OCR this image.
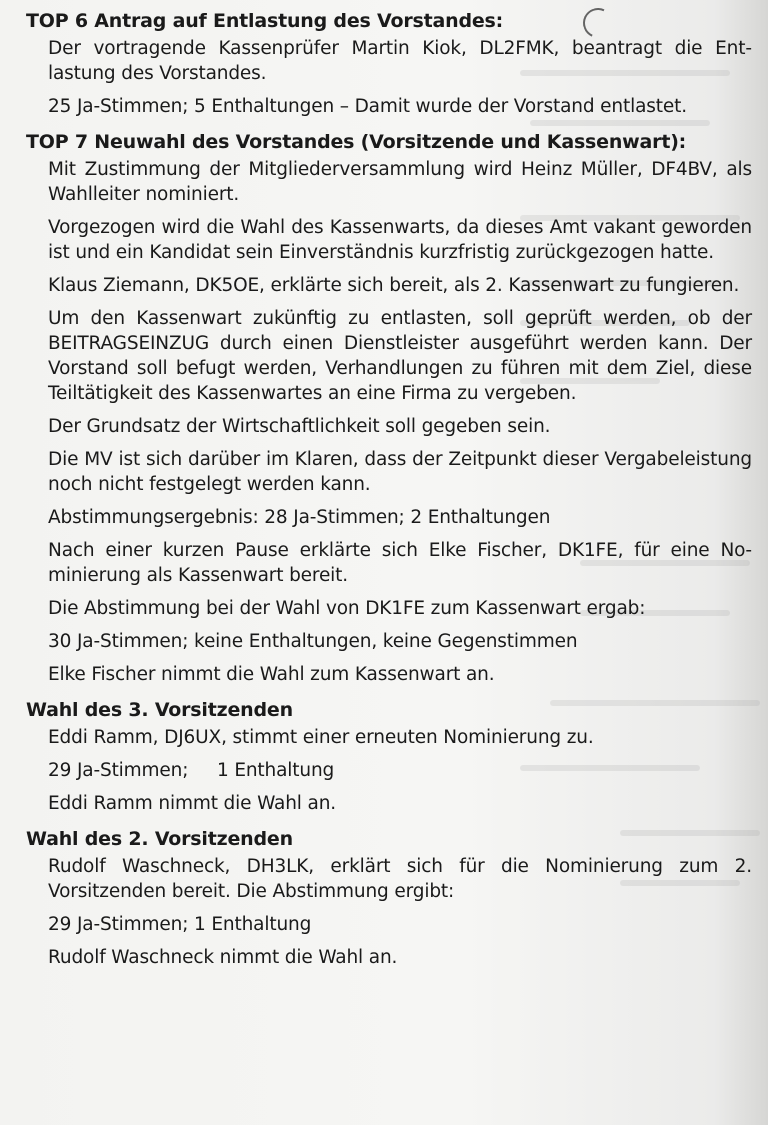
TOP 6 Antrag auf Entlastung des Vorstandes:

Der vortragende Kassenprüfer Martin Kiok, DL2FMK, beantragt die Entlastung des Vorstandes.

25 Ja-Stimmen; 5 Enthaltungen – Damit wurde der Vorstand entlastet.

TOP 7 Neuwahl des Vorstandes (Vorsitzende und Kassenwart):

Mit Zustimmung der Mitgliederversammlung wird Heinz Müller, DF4BV, als Wahlleiter nominiert.

Vorgezogen wird die Wahl des Kassenwarts, da dieses Amt vakant geworden ist und ein Kandidat sein Einverständnis kurzfristig zurückgezogen hatte.

Klaus Ziemann, DK5OE, erklärte sich bereit, als 2. Kassenwart zu fungieren.

Um den Kassenwart zukünftig zu entlasten, soll geprüft werden, ob der BEITRAGSEINZUG durch einen Dienstleister ausgeführt werden kann. Der Vorstand soll befugt werden, Verhandlungen zu führen mit dem Ziel, diese Teiltätigkeit des Kassenwartes an eine Firma zu vergeben.

Der Grundsatz der Wirtschaftlichkeit soll gegeben sein.

Die MV ist sich darüber im Klaren, dass der Zeitpunkt dieser Vergabeleistung noch nicht festgelegt werden kann.

Abstimmungsergebnis: 28 Ja-Stimmen; 2 Enthaltungen

Nach einer kurzen Pause erklärte sich Elke Fischer, DK1FE, für eine Nominierung als Kassenwart bereit.

Die Abstimmung bei der Wahl von DK1FE zum Kassenwart ergab:

30 Ja-Stimmen; keine Enthaltungen, keine Gegenstimmen

Elke Fischer nimmt die Wahl zum Kassenwart an.

Wahl des 3. Vorsitzenden

Eddi Ramm, DJ6UX, stimmt einer erneuten Nominierung zu.

29 Ja-Stimmen;     1 Enthaltung

Eddi Ramm nimmt die Wahl an.

Wahl des 2. Vorsitzenden

Rudolf Waschneck, DH3LK, erklärt sich für die Nominierung zum 2. Vorsitzenden bereit. Die Abstimmung ergibt:

29 Ja-Stimmen; 1 Enthaltung

Rudolf Waschneck nimmt die Wahl an.
